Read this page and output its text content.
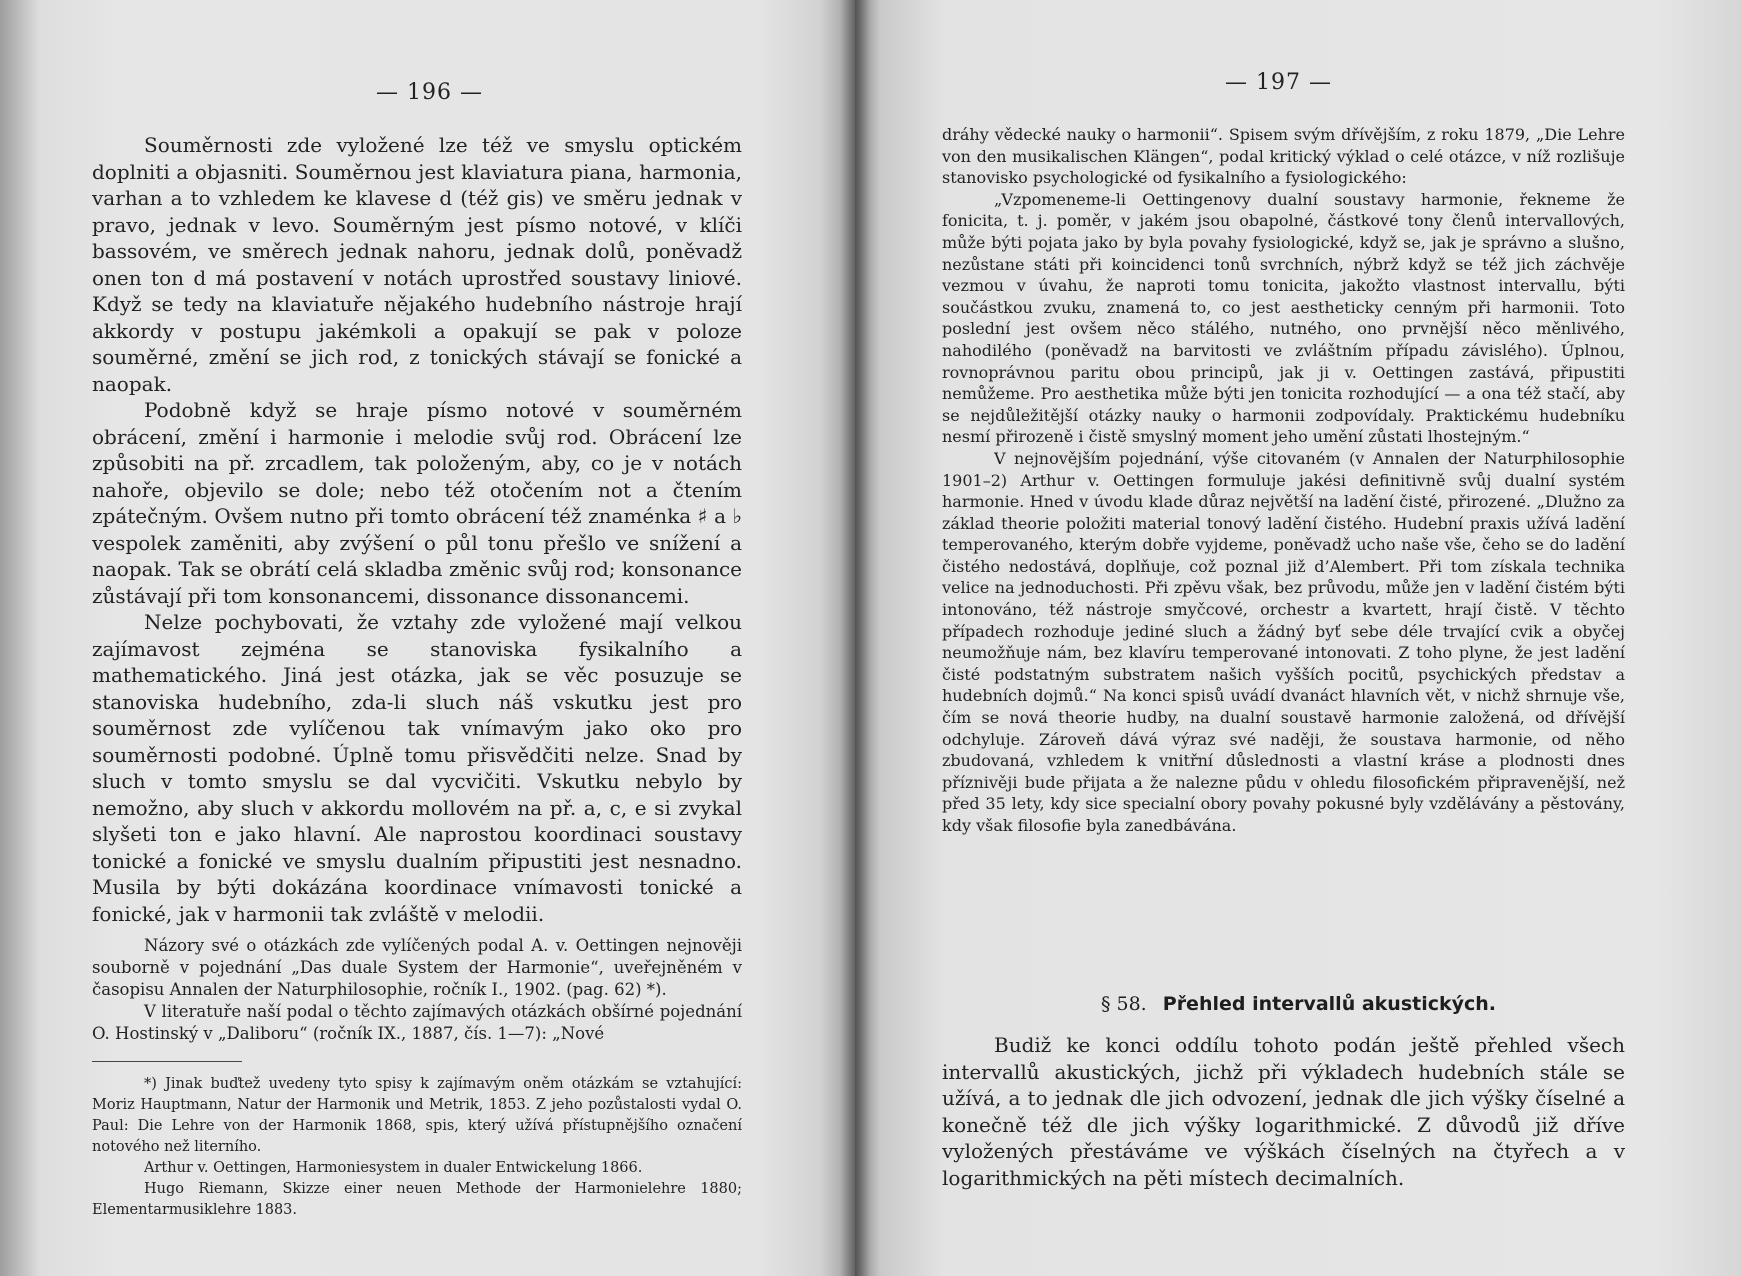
— 196 —

Souměrnosti zde vyložené lze též ve smyslu optickém doplniti a objasniti. Souměrnou jest klaviatura piana, harmonia, varhan a to vzhledem ke klavese d (též gis) ve směru jednak v pravo, jednak v levo. Souměrným jest písmo notové, v klíči bassovém, ve směrech jednak nahoru, jednak dolů, poněvadž onen ton d má postavení v notách uprostřed soustavy liniové. Když se tedy na klaviatuře nějakého hudebního nástroje hrají akkordy v postupu jakémkoli a opakují se pak v poloze souměrné, změní se jich rod, z tonických stávají se fonické a naopak.

Podobně když se hraje písmo notové v souměrném obrácení, změní i harmonie i melodie svůj rod. Obrácení lze způsobiti na př. zrcadlem, tak položeným, aby, co je v notách nahoře, objevilo se dole; nebo též otočením not a čtením zpátečným. Ovšem nutno při tomto obrácení též znaménka ♯ a ♭ vespolek zaměniti, aby zvýšení o půl tonu přešlo ve snížení a naopak. Tak se obrátí celá skladba změnic svůj rod; konsonance zůstávají při tom konsonancemi, dissonance dissonancemi.

Nelze pochybovati, že vztahy zde vyložené mají velkou zajímavost zejména se stanoviska fysikalního a mathematického. Jiná jest otázka, jak se věc posuzuje se stanoviska hudebního, zda-li sluch náš vskutku jest pro souměrnost zde vylíčenou tak vnímavým jako oko pro souměrnosti podobné. Úplně tomu přisvědčiti nelze. Snad by sluch v tomto smyslu se dal vycvičiti. Vskutku nebylo by nemožno, aby sluch v akkordu mollovém na př. a, c, e si zvykal slyšeti ton e jako hlavní. Ale naprostou koordinaci soustavy tonické a fonické ve smyslu dualním připustiti jest nesnadno. Musila by býti dokázána koordinace vnímavosti tonické a fonické, jak v harmonii tak zvláště v melodii.

Názory své o otázkách zde vylíčených podal A. v. Oettingen nejnověji souborně v pojednání „Das duale System der Harmonie“, uveřejněném v časopisu Annalen der Naturphilosophie, ročník I., 1902. (pag. 62) *).

V literatuře naší podal o těchto zajímavých otázkách obšírné pojednání O. Hostinský v „Daliboru“ (ročník IX., 1887, čís. 1—7): „Nové

*) Jinak buďtež uvedeny tyto spisy k zajímavým oněm otázkám se vztahující: Moriz Hauptmann, Natur der Harmonik und Metrik, 1853. Z jeho pozůstalosti vydal O. Paul: Die Lehre von der Harmonik 1868, spis, který užívá přístupnějšího označení notového než literního.

Arthur v. Oettingen, Harmoniesystem in dualer Entwickelung 1866.

Hugo Riemann, Skizze einer neuen Methode der Harmonielehre 1880; Elementarmusiklehre 1883.

— 197 —

dráhy vědecké nauky o harmonii“. Spisem svým dřívějším, z roku 1879, „Die Lehre von den musikalischen Klängen“, podal kritický výklad o celé otázce, v níž rozlišuje stanovisko psychologické od fysikalního a fysiologického:

„Vzpomeneme-li Oettingenovy dualní soustavy harmonie, řekneme že fonicita, t. j. poměr, v jakém jsou obapolné, částkové tony členů intervallových, může býti pojata jako by byla povahy fysiologické, když se, jak je správno a slušno, nezůstane státi při koincidenci tonů svrchních, nýbrž když se též jich záchvěje vezmou v úvahu, že naproti tomu tonicita, jakožto vlastnost intervallu, býti součástkou zvuku, znamená to, co jest aestheticky cenným při harmonii. Toto poslední jest ovšem něco stálého, nutného, ono prvnější něco měnlivého, nahodilého (poněvadž na barvitosti ve zvláštním případu závislého). Úplnou, rovnoprávnou paritu obou principů, jak ji v. Oettingen zastává, připustiti nemůžeme. Pro aesthetika může býti jen tonicita rozhodující — a ona též stačí, aby se nejdůležitější otázky nauky o harmonii zodpovídaly. Praktickému hudebníku nesmí přirozeně i čistě smyslný moment jeho umění zůstati lhostejným.“

V nejnovějším pojednání, výše citovaném (v Annalen der Naturphilosophie 1901–2) Arthur v. Oettingen formuluje jakési definitivně svůj dualní systém harmonie. Hned v úvodu klade důraz největší na ladění čisté, přirozené. „Dlužno za základ theorie položiti material tonový ladění čistého. Hudební praxis užívá ladění temperovaného, kterým dobře vyjdeme, poněvadž ucho naše vše, čeho se do ladění čistého nedostává, doplňuje, což poznal již d’Alembert. Při tom získala technika velice na jednoduchosti. Při zpěvu však, bez průvodu, může jen v ladění čistém býti intonováno, též nástroje smyčcové, orchestr a kvartett, hrají čistě. V těchto případech rozhoduje jediné sluch a žádný byť sebe déle trvající cvik a obyčej neumožňuje nám, bez klavíru temperované intonovati. Z toho plyne, že jest ladění čisté podstatným substratem našich vyšších pocitů, psychických představ a hudebních dojmů.“ Na konci spisů uvádí dvanáct hlavních vět, v nichž shrnuje vše, čím se nová theorie hudby, na dualní soustavě harmonie založená, od dřívější odchyluje. Zároveň dává výraz své naději, že soustava harmonie, od něho zbudovaná, vzhledem k vnitřní důslednosti a vlastní kráse a plodnosti dnes příznivěji bude přijata a že nalezne půdu v ohledu filosofickém připravenější, než před 35 lety, kdy sice specialní obory povahy pokusné byly vzdělávány a pěstovány, kdy však filosofie byla zanedbávána.

§ 58. Přehled intervallů akustických.

Budiž ke konci oddílu tohoto podán ještě přehled všech intervallů akustických, jichž při výkladech hudebních stále se užívá, a to jednak dle jich odvození, jednak dle jich výšky číselné a konečně též dle jich výšky logarithmické. Z důvodů již dříve vyložených přestáváme ve výškách číselných na čtyřech a v logarithmických na pěti místech decimalních.
